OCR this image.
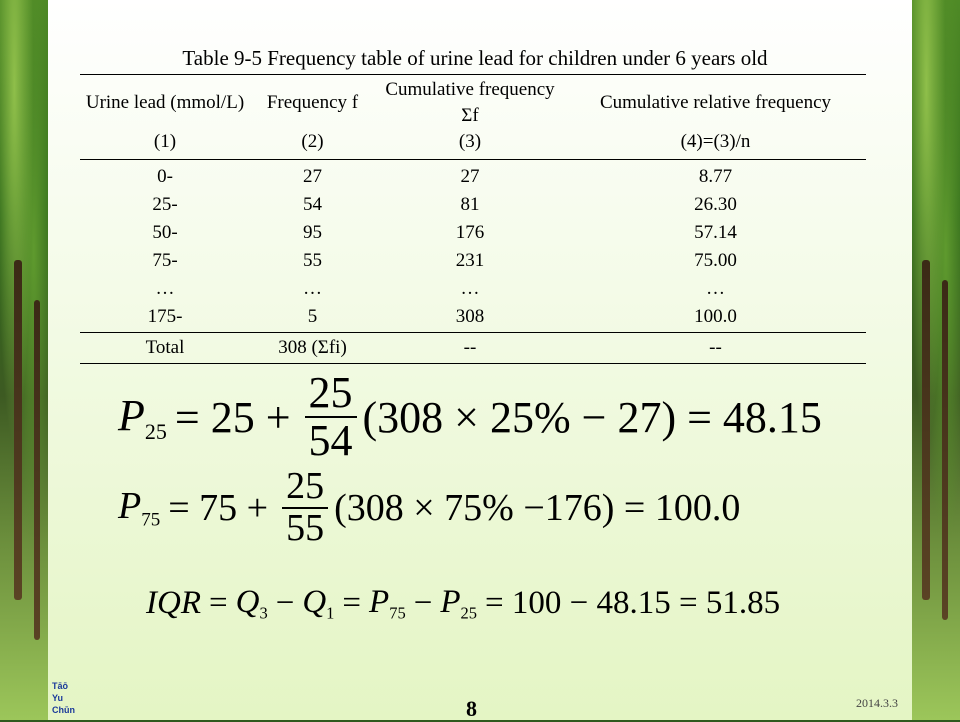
Table 9-5 Frequency table of urine lead for children under 6 years old
Urine lead (mmol/L)	Frequency f	Cumulative frequency Σf	Cumulative relative frequency
(1)	(2)	(3)	(4)=(3)/n
0-	27	27	8.77
25-	54	81	26.30
50-	95	176	57.14
75-	55	231	75.00
…	…	…	…
175-	5	308	100.0
Total	308 (Σfi)	--	--
$P_{25} = 25 + \frac{25}{54} (308 \times 25\% - 27) = 48.15$
$P_{75} = 75 + \frac{25}{55} (308 \times 75\% -176) = 100.0$
IQR = $Q_3 - Q_1 = P_{75} - P_{25} = 100 - 48.15 = 51.85$
Tāō
Yu
Chūn	8	2014.3.3
